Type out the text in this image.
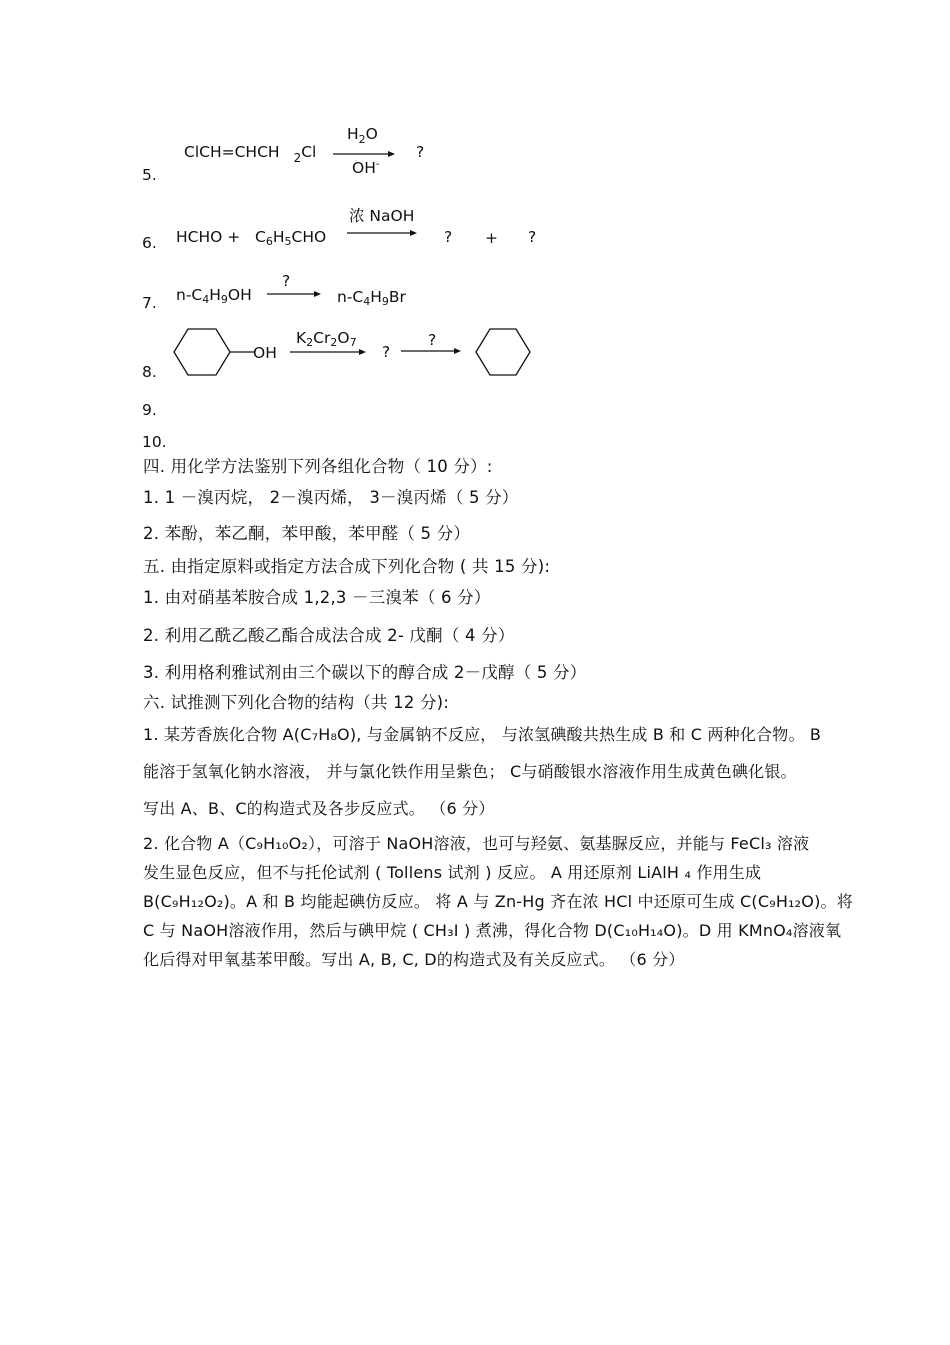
5.
ClCH=CHCH $_2$Cl
$H_2O$
OH-
?
6. HCHO + $C_6H_5CHO$
浓 NaOH
? + ?
7. $n-C_4H_9OH$
?
→ $n-C_4H_9Br$
8.
OH
$K_2Cr_2O_7$
?
?
9.
10.
四. 用化学方法鉴别下列各组化合物（ 10 分）:
1. 1 －溴丙烷， 2－溴丙烯， 3－溴丙烯（ 5 分）
2. 苯酚，苯乙酮，苯甲酸，苯甲醛（ 5 分）
五. 由指定原料或指定方法合成下列化合物 ( 共 15 分):
1. 由对硝基苯胺合成 1,2,3 －三溴苯（ 6 分）
2. 利用乙酰乙酸乙酯合成法合成 2- 戊酮（ 4 分）
3. 利用格利雅试剂由三个碳以下的醇合成 2－戊醇（ 5 分）
六. 试推测下列化合物的结构（共 12 分):
1. 某芳香族化合物 A(C₇H₈O), 与金属钠不反应， 与浓氢碘酸共热生成 B 和 C 两种化合物。 B
能溶于氢氧化钠水溶液， 并与氯化铁作用呈紫色； C与硝酸银水溶液作用生成黄色碘化银。
写出 A、B、C的构造式及各步反应式。 （6 分）
2. 化合物 A（C₉H₁₀O₂），可溶于 NaOH溶液，也可与羟氨、氨基脲反应，并能与 FeCl₃ 溶液
发生显色反应，但不与托伦试剂 ( Tollens 试剂 ) 反应。 A 用还原剂 LiAlH ₄ 作用生成
B(C₉H₁₂O₂)。A 和 B 均能起碘仿反应。 将 A 与 Zn-Hg 齐在浓 HCl 中还原可生成 C(C₉H₁₂O)。将
C 与 NaOH溶液作用，然后与碘甲烷 ( CH₃I ) 煮沸，得化合物 D(C₁₀H₁₄O)。D 用 KMnO₄溶液氧
化后得对甲氧基苯甲酸。写出 A, B, C, D的构造式及有关反应式。 （6 分）
